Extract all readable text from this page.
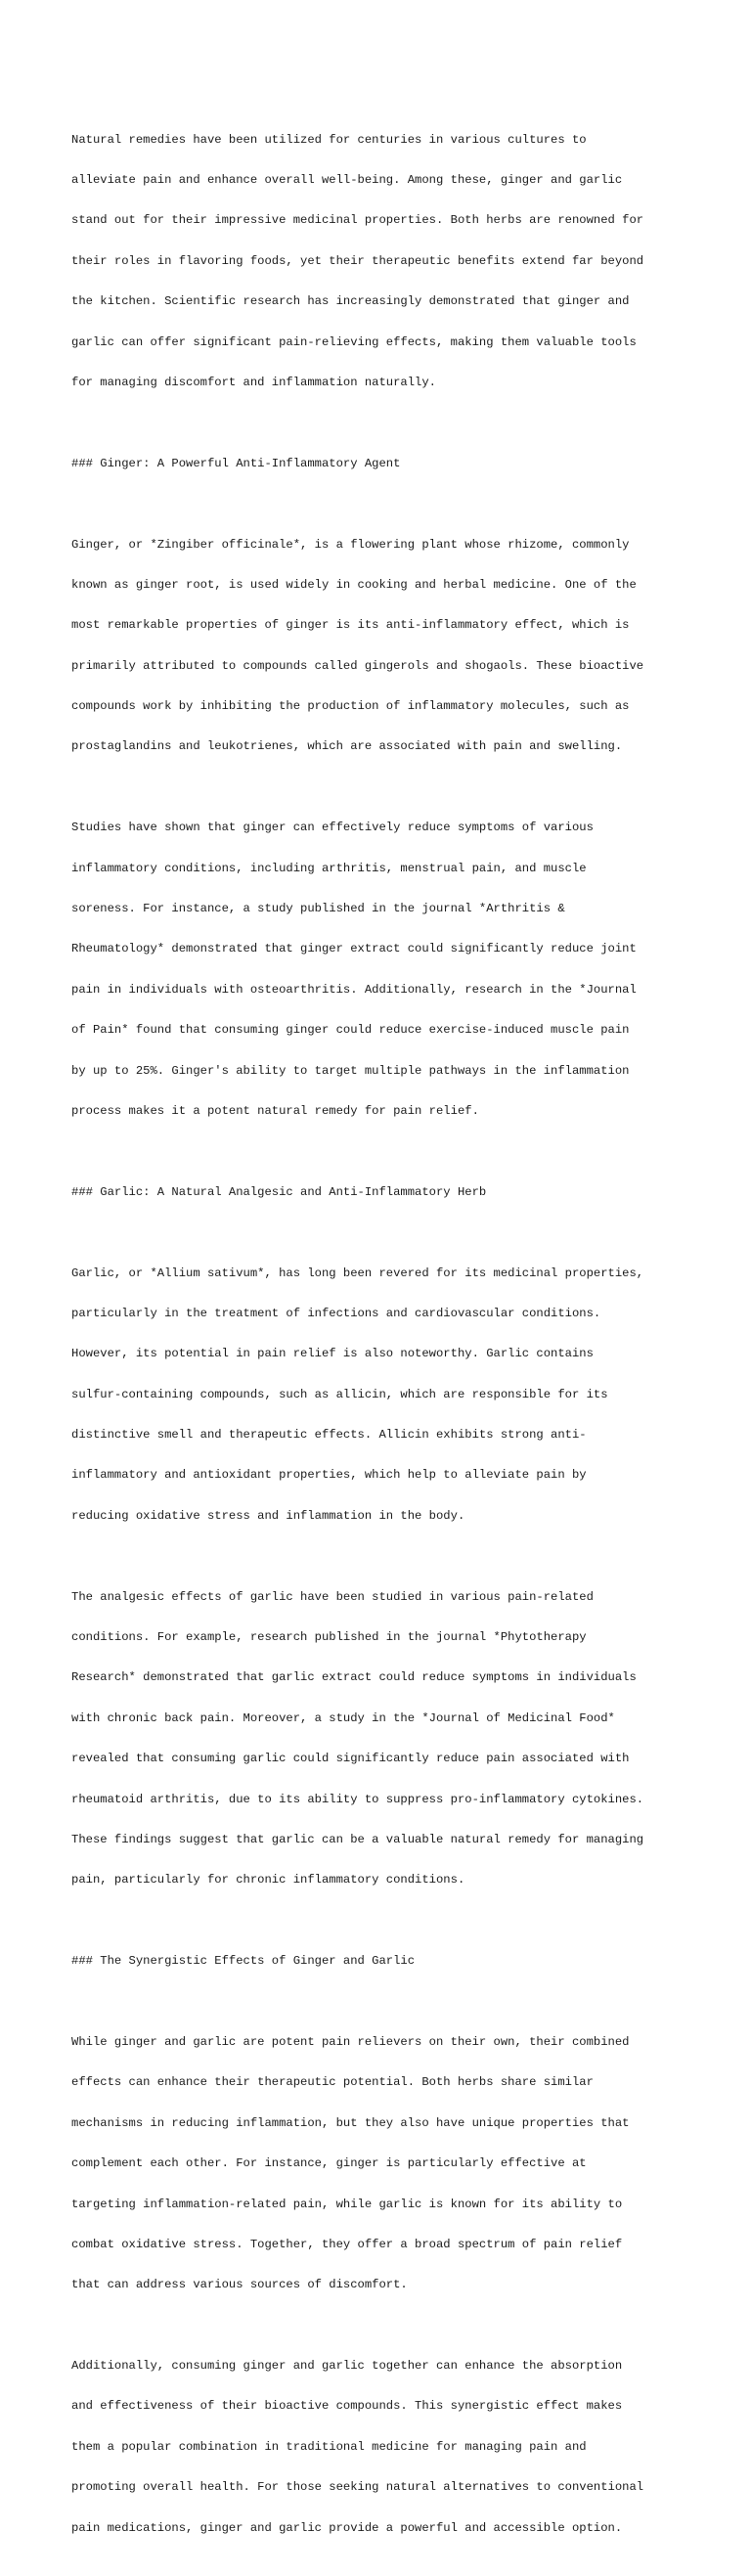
Natural remedies have been utilized for centuries in various cultures to

alleviate pain and enhance overall well-being. Among these, ginger and garlic

stand out for their impressive medicinal properties. Both herbs are renowned for

their roles in flavoring foods, yet their therapeutic benefits extend far beyond

the kitchen. Scientific research has increasingly demonstrated that ginger and

garlic can offer significant pain-relieving effects, making them valuable tools

for managing discomfort and inflammation naturally.

### Ginger: A Powerful Anti-Inflammatory Agent

Ginger, or *Zingiber officinale*, is a flowering plant whose rhizome, commonly

known as ginger root, is used widely in cooking and herbal medicine. One of the

most remarkable properties of ginger is its anti-inflammatory effect, which is

primarily attributed to compounds called gingerols and shogaols. These bioactive

compounds work by inhibiting the production of inflammatory molecules, such as

prostaglandins and leukotrienes, which are associated with pain and swelling.

Studies have shown that ginger can effectively reduce symptoms of various

inflammatory conditions, including arthritis, menstrual pain, and muscle

soreness. For instance, a study published in the journal *Arthritis &

Rheumatology* demonstrated that ginger extract could significantly reduce joint

pain in individuals with osteoarthritis. Additionally, research in the *Journal

of Pain* found that consuming ginger could reduce exercise-induced muscle pain

by up to 25%. Ginger's ability to target multiple pathways in the inflammation

process makes it a potent natural remedy for pain relief.

### Garlic: A Natural Analgesic and Anti-Inflammatory Herb

Garlic, or *Allium sativum*, has long been revered for its medicinal properties,

particularly in the treatment of infections and cardiovascular conditions.

However, its potential in pain relief is also noteworthy. Garlic contains

sulfur-containing compounds, such as allicin, which are responsible for its

distinctive smell and therapeutic effects. Allicin exhibits strong anti-

inflammatory and antioxidant properties, which help to alleviate pain by

reducing oxidative stress and inflammation in the body.

The analgesic effects of garlic have been studied in various pain-related

conditions. For example, research published in the journal *Phytotherapy

Research* demonstrated that garlic extract could reduce symptoms in individuals

with chronic back pain. Moreover, a study in the *Journal of Medicinal Food*

revealed that consuming garlic could significantly reduce pain associated with

rheumatoid arthritis, due to its ability to suppress pro-inflammatory cytokines.

These findings suggest that garlic can be a valuable natural remedy for managing

pain, particularly for chronic inflammatory conditions.

### The Synergistic Effects of Ginger and Garlic

While ginger and garlic are potent pain relievers on their own, their combined

effects can enhance their therapeutic potential. Both herbs share similar

mechanisms in reducing inflammation, but they also have unique properties that

complement each other. For instance, ginger is particularly effective at

targeting inflammation-related pain, while garlic is known for its ability to

combat oxidative stress. Together, they offer a broad spectrum of pain relief

that can address various sources of discomfort.

Additionally, consuming ginger and garlic together can enhance the absorption

and effectiveness of their bioactive compounds. This synergistic effect makes

them a popular combination in traditional medicine for managing pain and

promoting overall health. For those seeking natural alternatives to conventional

pain medications, ginger and garlic provide a powerful and accessible option.
